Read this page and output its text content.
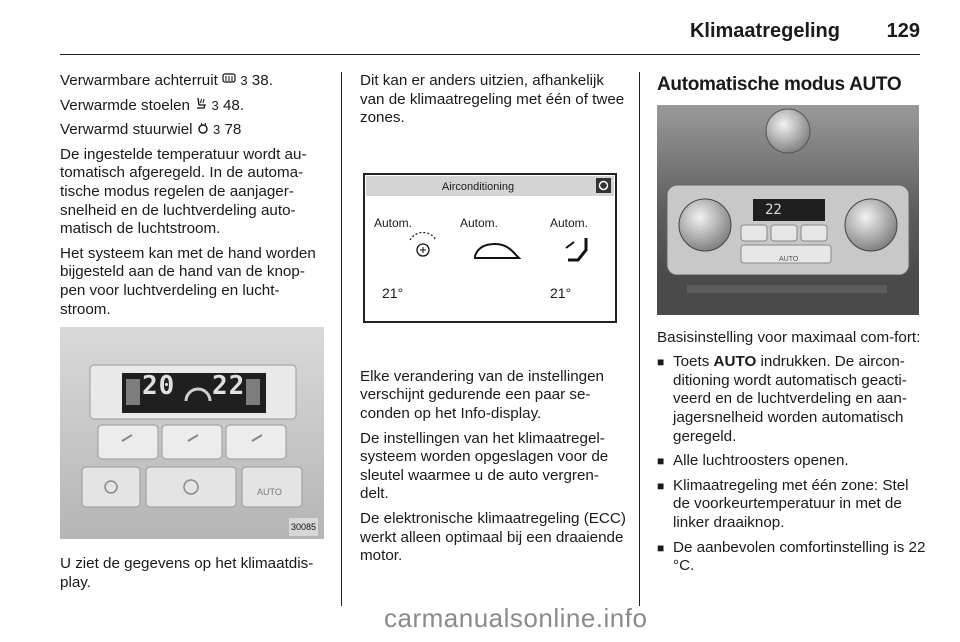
Klimaatregeling 129

Verwarmbare achterruit 3 38.

Verwarmde stoelen 3 48.

Verwarmd stuurwiel 3 78

De ingestelde temperatuur wordt au-tomatisch afgeregeld. In de automa-tische modus regelen de aanjager-snelheid en de luchtverdeling auto-matisch de luchtstroom.

Het systeem kan met de hand worden bijgesteld aan de hand van de knop-pen voor luchtverdeling en lucht-stroom.

20 22
AUTO
30085

U ziet de gegevens op het klimaatdis-play.

Dit kan er anders uitzien, afhankelijk van de klimaatregeling met één of twee zones.

Airconditioning
Autom.	Autom.	Autom.
21°	21°

Elke verandering van de instellingen verschijnt gedurende een paar se-conden op het Info-display.

De instellingen van het klimaatregel-systeem worden opgeslagen voor de sleutel waarmee u de auto vergren-delt.

De elektronische klimaatregeling (ECC) werkt alleen optimaal bij een draaiende motor.

Automatische modus AUTO
22
AUTO

Basisinstelling voor maximaal com-fort:

■ Toets AUTO indrukken. De aircon-ditioning wordt automatisch geacti-veerd en de luchtverdeling en aan-jagersnelheid worden automatisch geregeld.
■ Alle luchtroosters openen.
■ Klimaatregeling met één zone: Stel de voorkeurtemperatuur in met de linker draaiknop.
■ De aanbevolen comfortinstelling is 22 °C.
carmanualsonline.info
